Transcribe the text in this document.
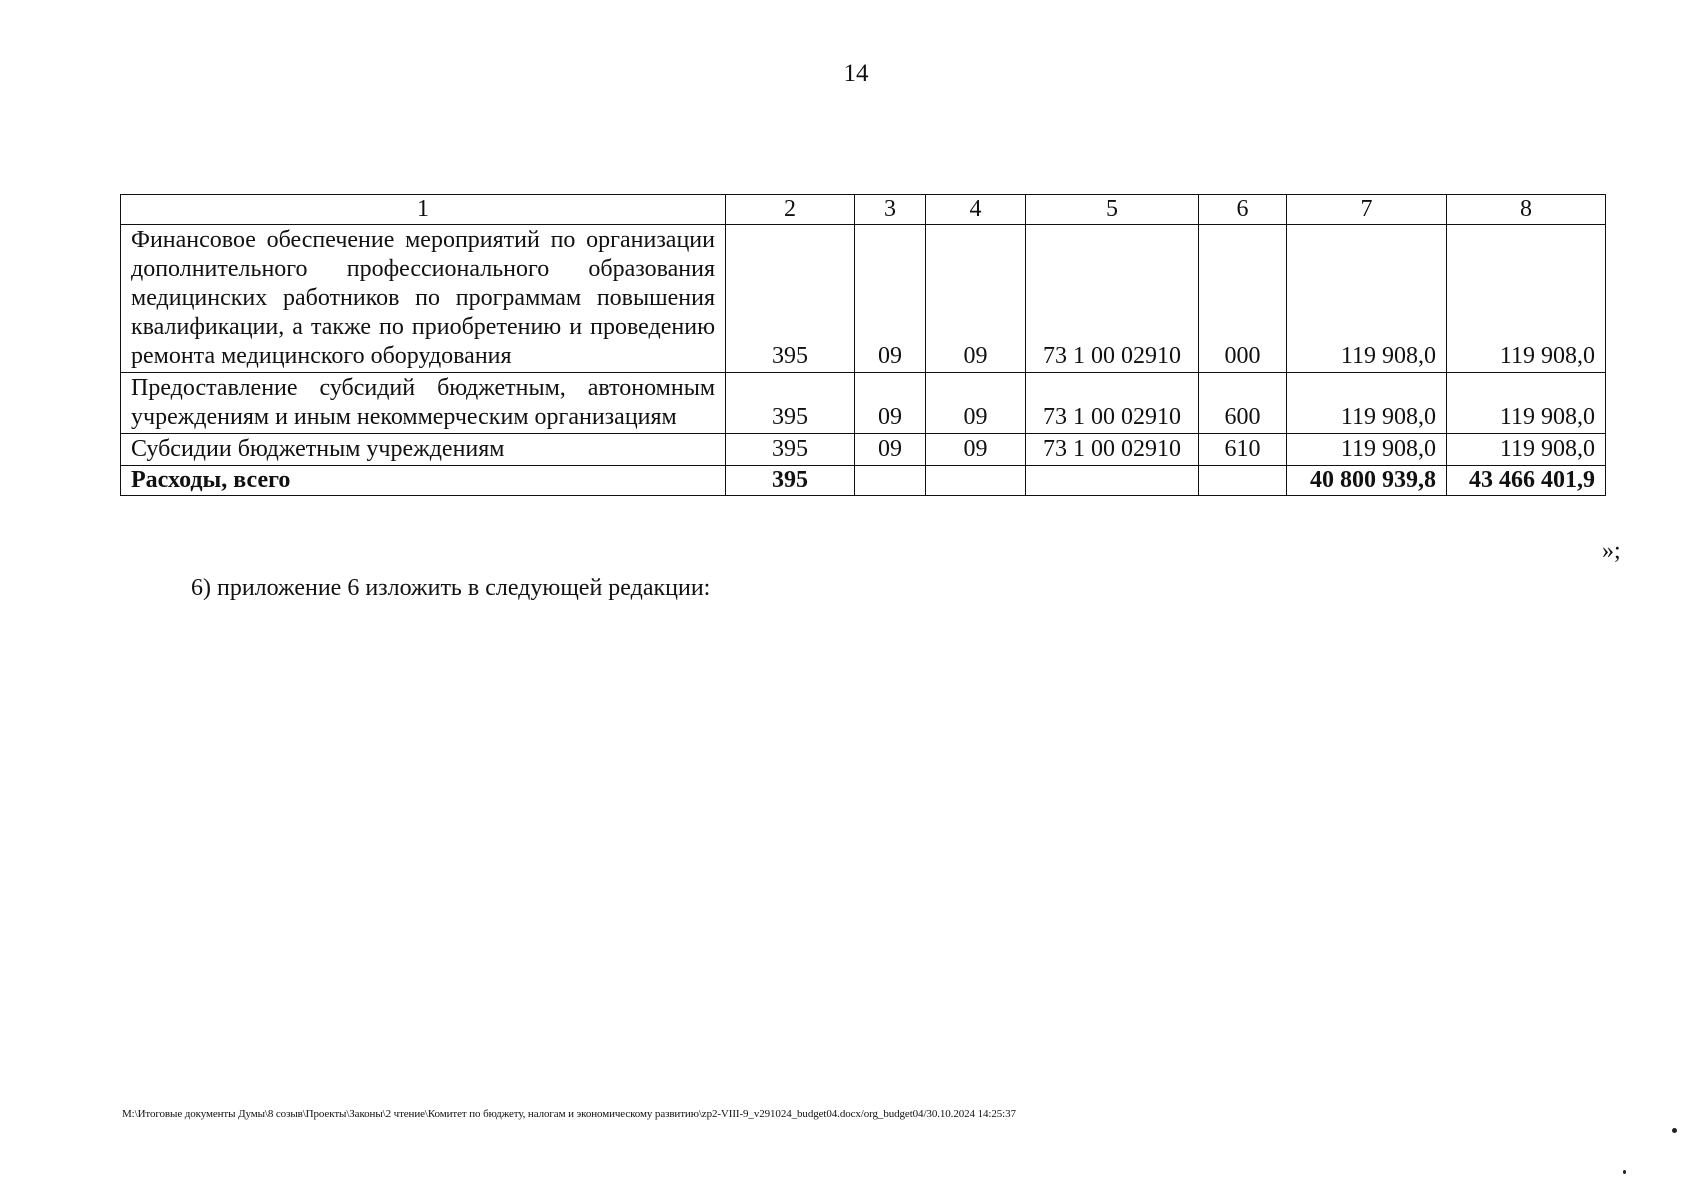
14
1	2	3	4	5	6	7	8
Финансовое обеспечение мероприятий по организации дополнительного профессионального образования медицинских работников по программам повышения квалификации, а также по приобретению и проведению ремонта медицинского оборудования	395	09	09	73 1 00 02910	000	119 908,0	119 908,0
Предоставление субсидий бюджетным, автономным учреждениям и иным некоммерческим организациям	395	09	09	73 1 00 02910	600	119 908,0	119 908,0
Субсидии бюджетным учреждениям	395	09	09	73 1 00 02910	610	119 908,0	119 908,0
Расходы, всего	395					40 800 939,8	43 466 401,9
»;
6) приложение 6 изложить в следующей редакции:
M:\Итоговые документы Думы\8 созыв\Проекты\Законы\2 чтение\Комитет по бюджету, налогам и экономическому развитию\zp2-VIII-9_v291024_budget04.docx/org_budget04/30.10.2024 14:25:37
